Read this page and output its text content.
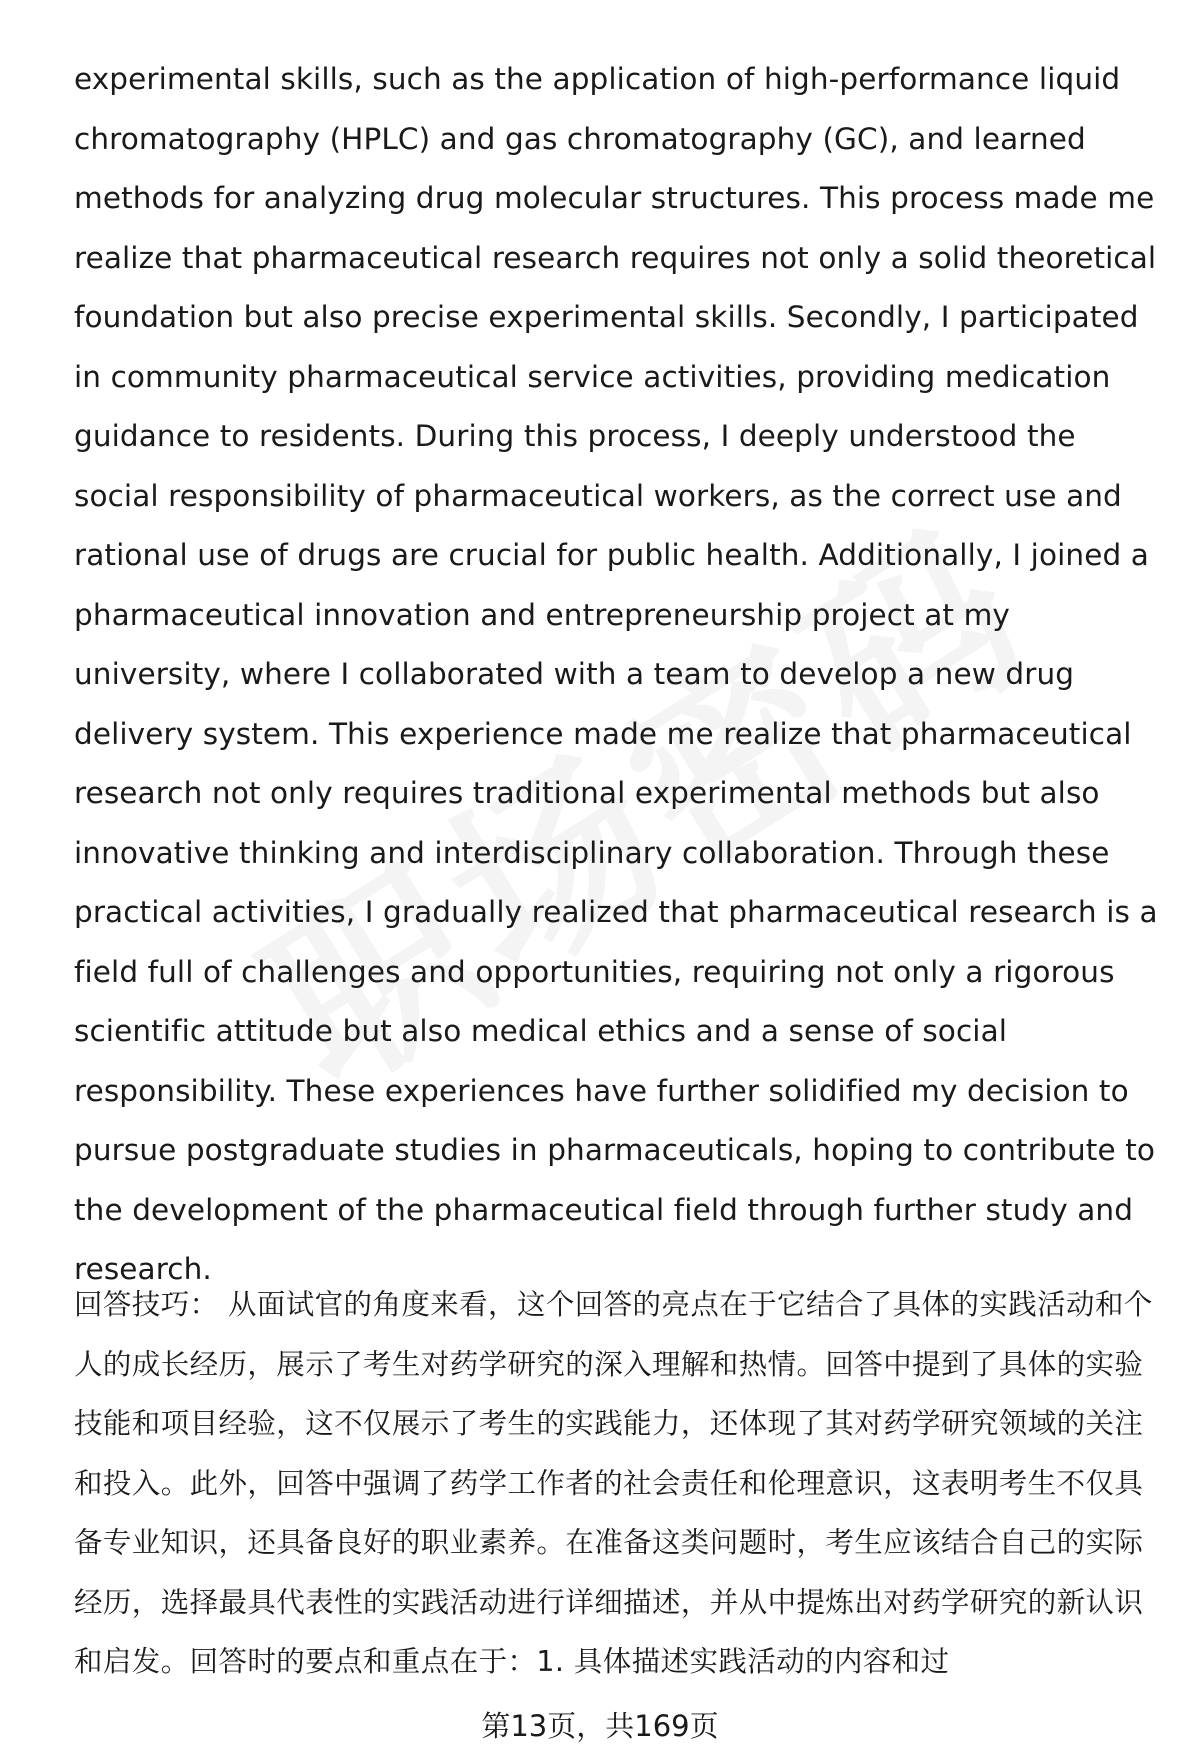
experimental skills, such as the application of high-performance liquid chromatography (HPLC) and gas chromatography (GC), and learned methods for analyzing drug molecular structures. This process made me realize that pharmaceutical research requires not only a solid theoretical foundation but also precise experimental skills. Secondly, I participated in community pharmaceutical service activities, providing medication guidance to residents. During this process, I deeply understood the social responsibility of pharmaceutical workers, as the correct use and rational use of drugs are crucial for public health. Additionally, I joined a pharmaceutical innovation and entrepreneurship project at my university, where I collaborated with a team to develop a new drug delivery system. This experience made me realize that pharmaceutical research not only requires traditional experimental methods but also innovative thinking and interdisciplinary collaboration. Through these practical activities, I gradually realized that pharmaceutical research is a field full of challenges and opportunities, requiring not only a rigorous scientific attitude but also medical ethics and a sense of social responsibility. These experiences have further solidified my decision to pursue postgraduate studies in pharmaceuticals, hoping to contribute to the development of the pharmaceutical field through further study and research.

回答技巧： 从面试官的角度来看，这个回答的亮点在于它结合了具体的实践活动和个人的成长经历，展示了考生对药学研究的深入理解和热情。回答中提到了具体的实验技能和项目经验，这不仅展示了考生的实践能力，还体现了其对药学研究领域的关注和投入。此外，回答中强调了药学工作者的社会责任和伦理意识，这表明考生不仅具备专业知识，还具备良好的职业素养。在准备这类问题时，考生应该结合自己的实际经历，选择最具代表性的实践活动进行详细描述，并从中提炼出对药学研究的新认识和启发。回答时的要点和重点在于：1. 具体描述实践活动的内容和过

第13页，共169页
